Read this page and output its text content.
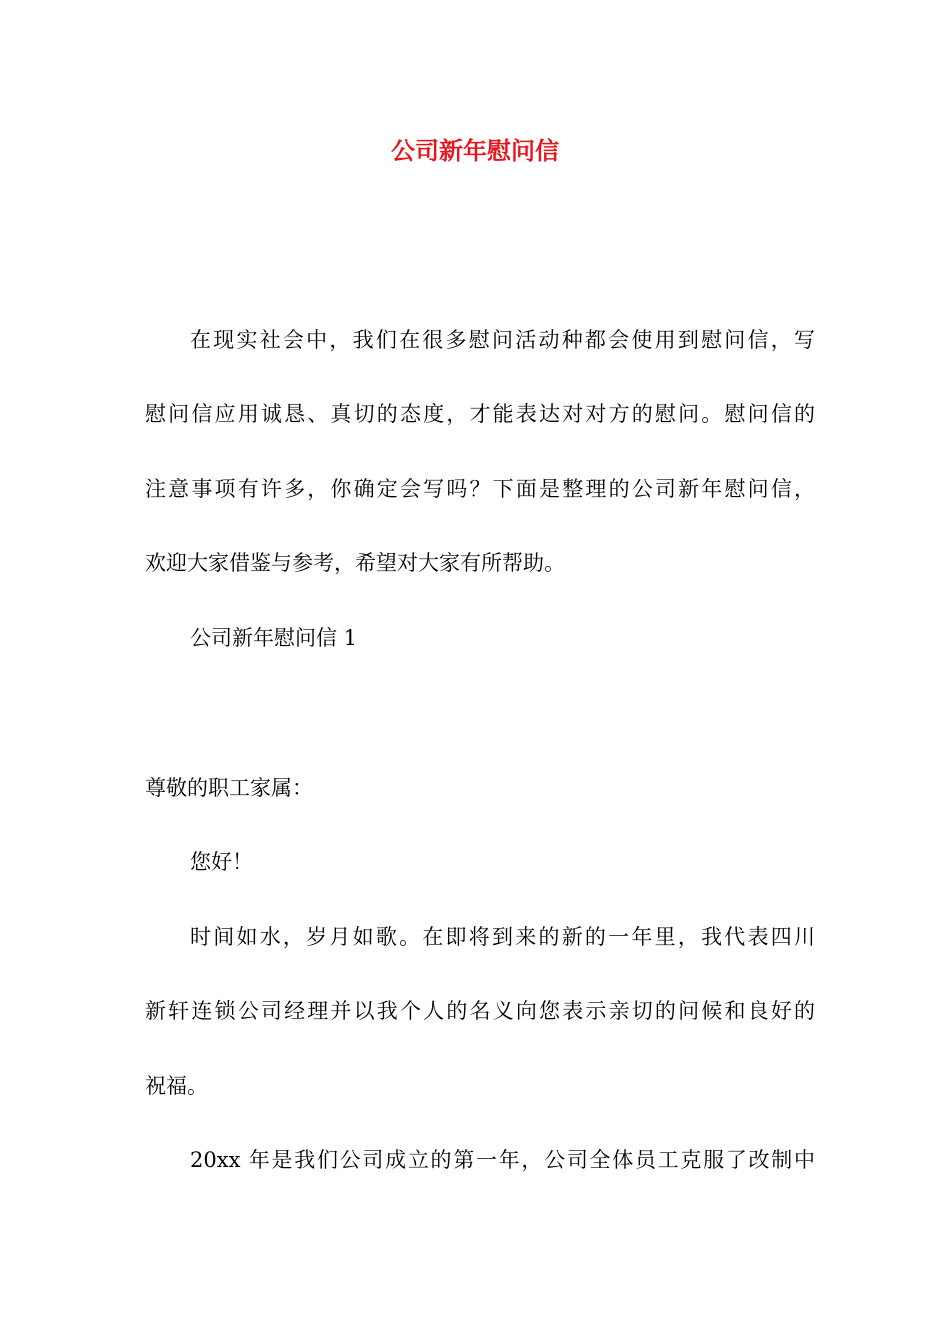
公司新年慰问信

在现实社会中，我们在很多慰问活动种都会使用到慰问信，写

慰问信应用诚恳、真切的态度，才能表达对对方的慰问。慰问信的

注意事项有许多，你确定会写吗？下面是整理的公司新年慰问信，

欢迎大家借鉴与参考，希望对大家有所帮助。

公司新年慰问信 1

尊敬的职工家属：

您好！

时间如水，岁月如歌。在即将到来的新的一年里，我代表四川

新轩连锁公司经理并以我个人的名义向您表示亲切的问候和良好的

祝福。

20xx 年是我们公司成立的第一年，公司全体员工克服了改制中
